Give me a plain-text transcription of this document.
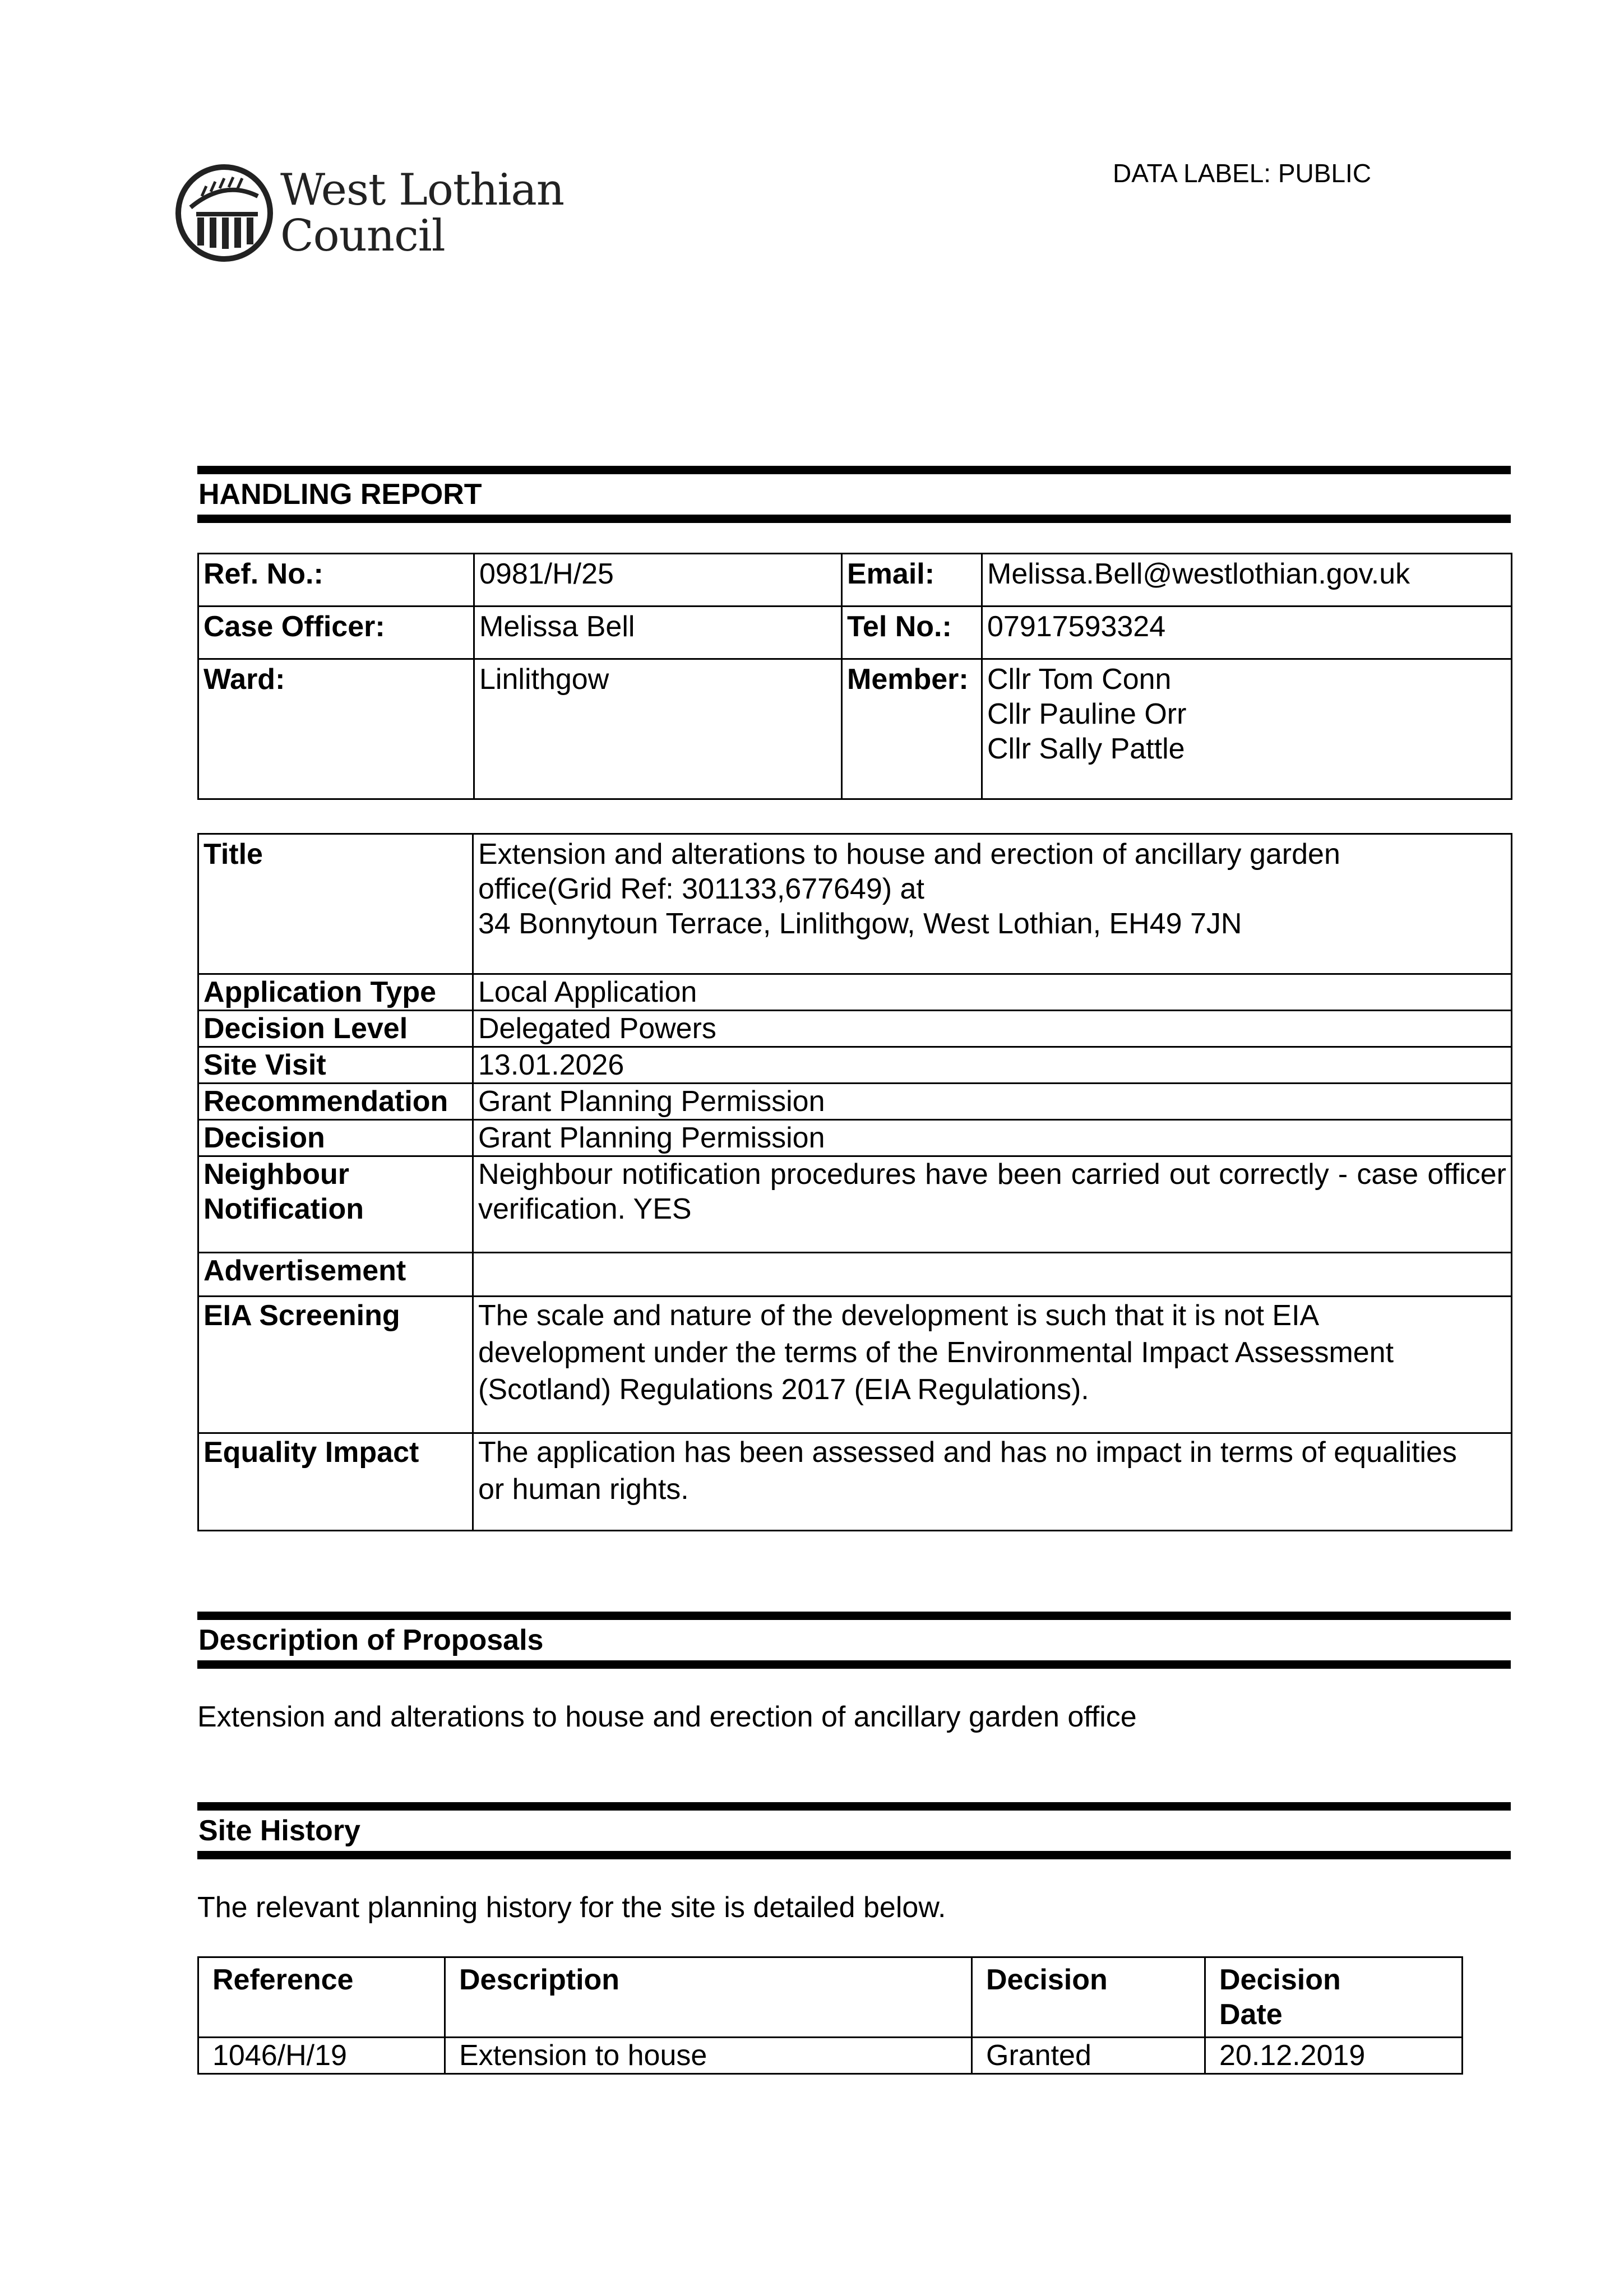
West Lothian
Council
DATA LABEL: PUBLIC
HANDLING REPORT
Ref. No.:	0981/H/25	Email:	Melissa.Bell@westlothian.gov.uk
Case Officer:	Melissa Bell	Tel No.:	07917593324
Ward:	Linlithgow	Member:	Cllr Tom Conn
Cllr Pauline Orr
Cllr Sally Pattle
Title	Extension and alterations to house and erection of ancillary garden
office(Grid Ref: 301133,677649) at
34 Bonnytoun Terrace, Linlithgow, West Lothian, EH49 7JN

Application Type	Local Application
Decision Level	Delegated Powers
Site Visit	13.01.2026
Recommendation	Grant Planning Permission
Decision	Grant Planning Permission

Neighbour
Notification	Neighbour notification procedures have been carried out correctly - case officer verification. YES
Advertisement	
EIA Screening	The scale and nature of the development is such that it is not EIA
development under the terms of the Environmental Impact Assessment
(Scotland) Regulations 2017 (EIA Regulations).

Equality Impact	The application has been assessed and has no impact in terms of equalities
or human rights.
Description of Proposals
Extension and alterations to house and erection of ancillary garden office
Site History
The relevant planning history for the site is detailed below.
Reference	Description	Decision	Decision
Date

1046/H/19	Extension to house	Granted	20.12.2019
